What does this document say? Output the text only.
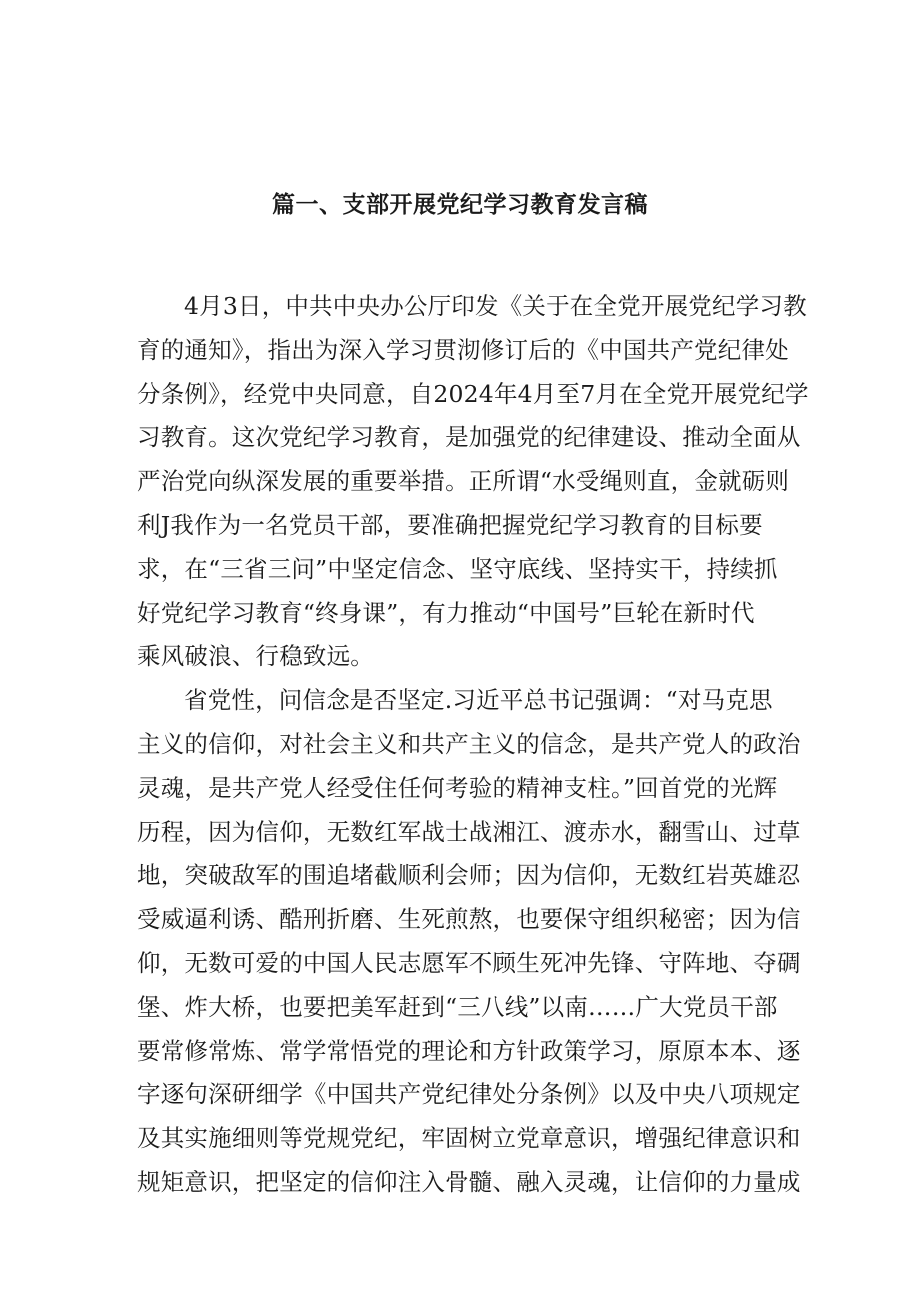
篇一、支部开展党纪学习教育发言稿
4月3日，中共中央办公厅印发《关于在全党开展党纪学习教
育的通知》，指出为深入学习贯沏修订后的《中国共产党纪律处
分条例》，经党中央同意，自2024年4月至7月在全党开展党纪学
习教育。这次党纪学习教育，是加强党的纪律建设、推动全面从
严治党向纵深发展的重要举措。正所谓“水受绳则直，金就砺则
利J我作为一名党员干部，要准确把握党纪学习教育的目标要
求，在“三省三问”中坚定信念、坚守底线、坚持实干，持续抓
好党纪学习教育“终身课”，有力推动“中国号”巨轮在新时代
乘风破浪、行稳致远。
省党性，问信念是否坚定.习近平总书记强调：“对马克思
主义的信仰，对社会主义和共产主义的信念，是共产党人的政治
灵魂，是共产党人经受住任何考验的精神支柱。”回首党的光辉
历程，因为信仰，无数红军战士战湘江、渡赤水，翻雪山、过草
地，突破敌军的围追堵截顺利会师；因为信仰，无数红岩英雄忍
受威逼利诱、酷刑折磨、生死煎熬，也要保守组织秘密；因为信
仰，无数可爱的中国人民志愿军不顾生死冲先锋、守阵地、夺碉
堡、炸大桥，也要把美军赶到“三八线”以南……广大党员干部
要常修常炼、常学常悟党的理论和方针政策学习，原原本本、逐
字逐句深研细学《中国共产党纪律处分条例》以及中央八项规定
及其实施细则等党规党纪，牢固树立党章意识，增强纪律意识和
规矩意识，把坚定的信仰注入骨髓、融入灵魂，让信仰的力量成
